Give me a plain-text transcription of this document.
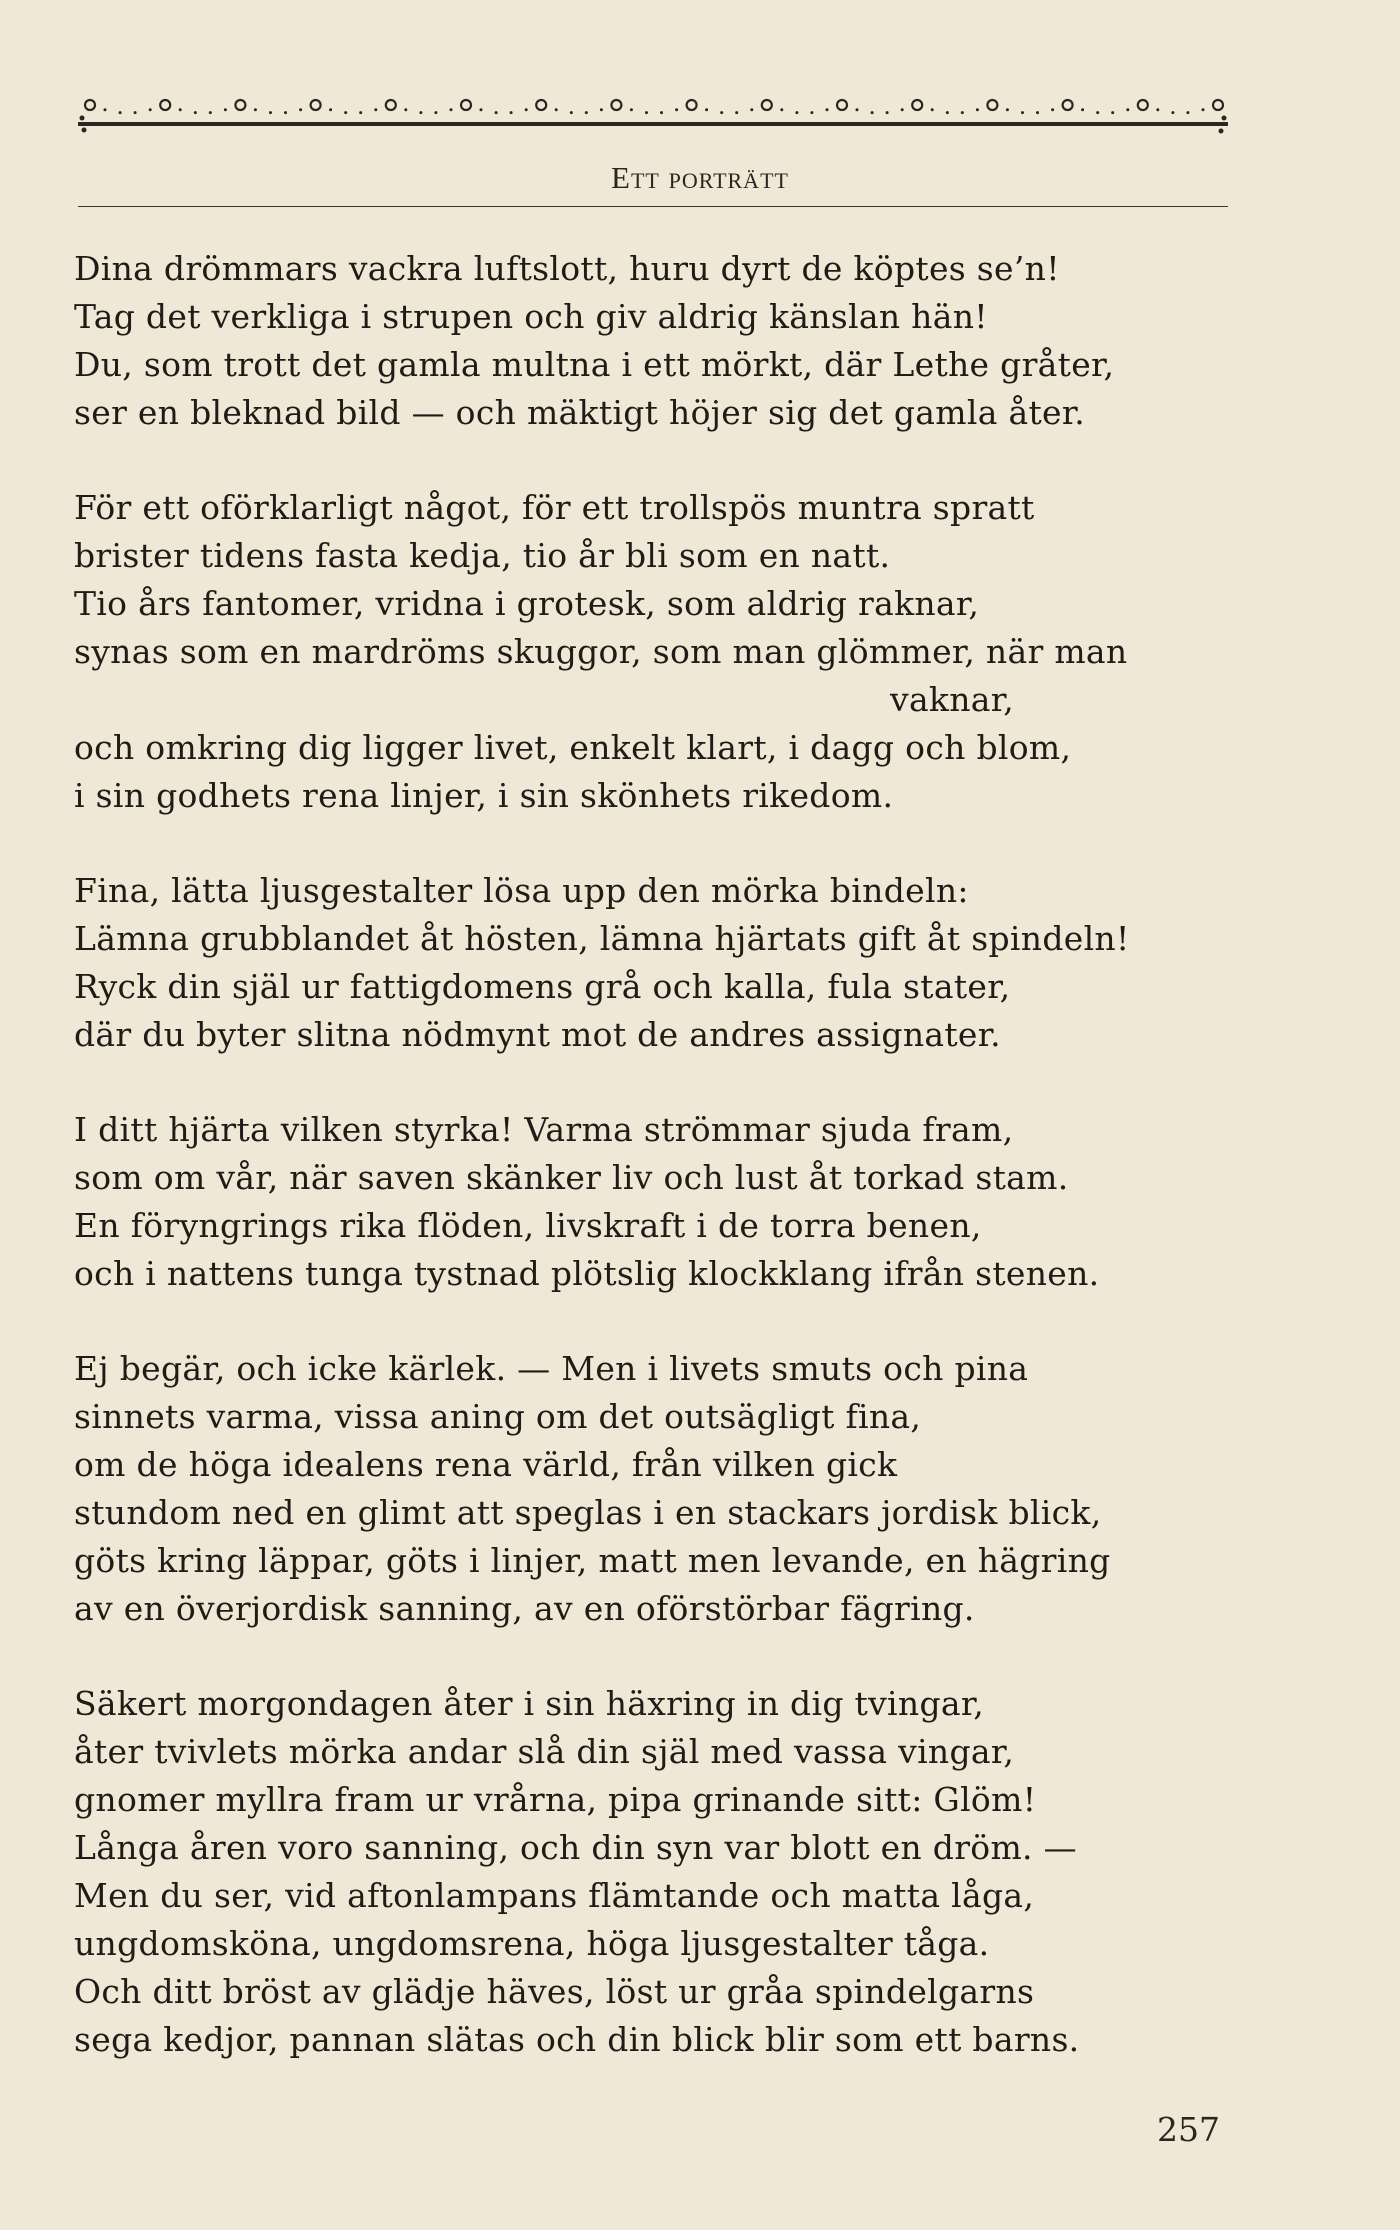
Ett porträtt
Dina drömmars vackra luftslott, huru dyrt de köptes se’n!
Tag det verkliga i strupen och giv aldrig känslan hän!
Du, som trott det gamla multna i ett mörkt, där Lethe gråter,
ser en bleknad bild — och mäktigt höjer sig det gamla åter.
För ett oförklarligt något, för ett trollspös muntra spratt
brister tidens fasta kedja, tio år bli som en natt.
Tio års fantomer, vridna i grotesk, som aldrig raknar,
synas som en mardröms skuggor, som man glömmer, när man
vaknar,
och omkring dig ligger livet, enkelt klart, i dagg och blom,
i sin godhets rena linjer, i sin skönhets rikedom.
Fina, lätta ljusgestalter lösa upp den mörka bindeln:
Lämna grubblandet åt hösten, lämna hjärtats gift åt spindeln!
Ryck din själ ur fattigdomens grå och kalla, fula stater,
där du byter slitna nödmynt mot de andres assignater.
I ditt hjärta vilken styrka! Varma strömmar sjuda fram,
som om vår, när saven skänker liv och lust åt torkad stam.
En föryngrings rika flöden, livskraft i de torra benen,
och i nattens tunga tystnad plötslig klockklang ifrån stenen.
Ej begär, och icke kärlek. — Men i livets smuts och pina
sinnets varma, vissa aning om det outsägligt fina,
om de höga idealens rena värld, från vilken gick
stundom ned en glimt att speglas i en stackars jordisk blick,
göts kring läppar, göts i linjer, matt men levande, en hägring
av en överjordisk sanning, av en oförstörbar fägring.
Säkert morgondagen åter i sin häxring in dig tvingar,
åter tvivlets mörka andar slå din själ med vassa vingar,
gnomer myllra fram ur vrårna, pipa grinande sitt: Glöm!
Långa åren voro sanning, och din syn var blott en dröm. —
Men du ser, vid aftonlampans flämtande och matta låga,
ungdomsköna, ungdomsrena, höga ljusgestalter tåga.
Och ditt bröst av glädje häves, löst ur gråa spindelgarns
sega kedjor, pannan slätas och din blick blir som ett barns.
257
